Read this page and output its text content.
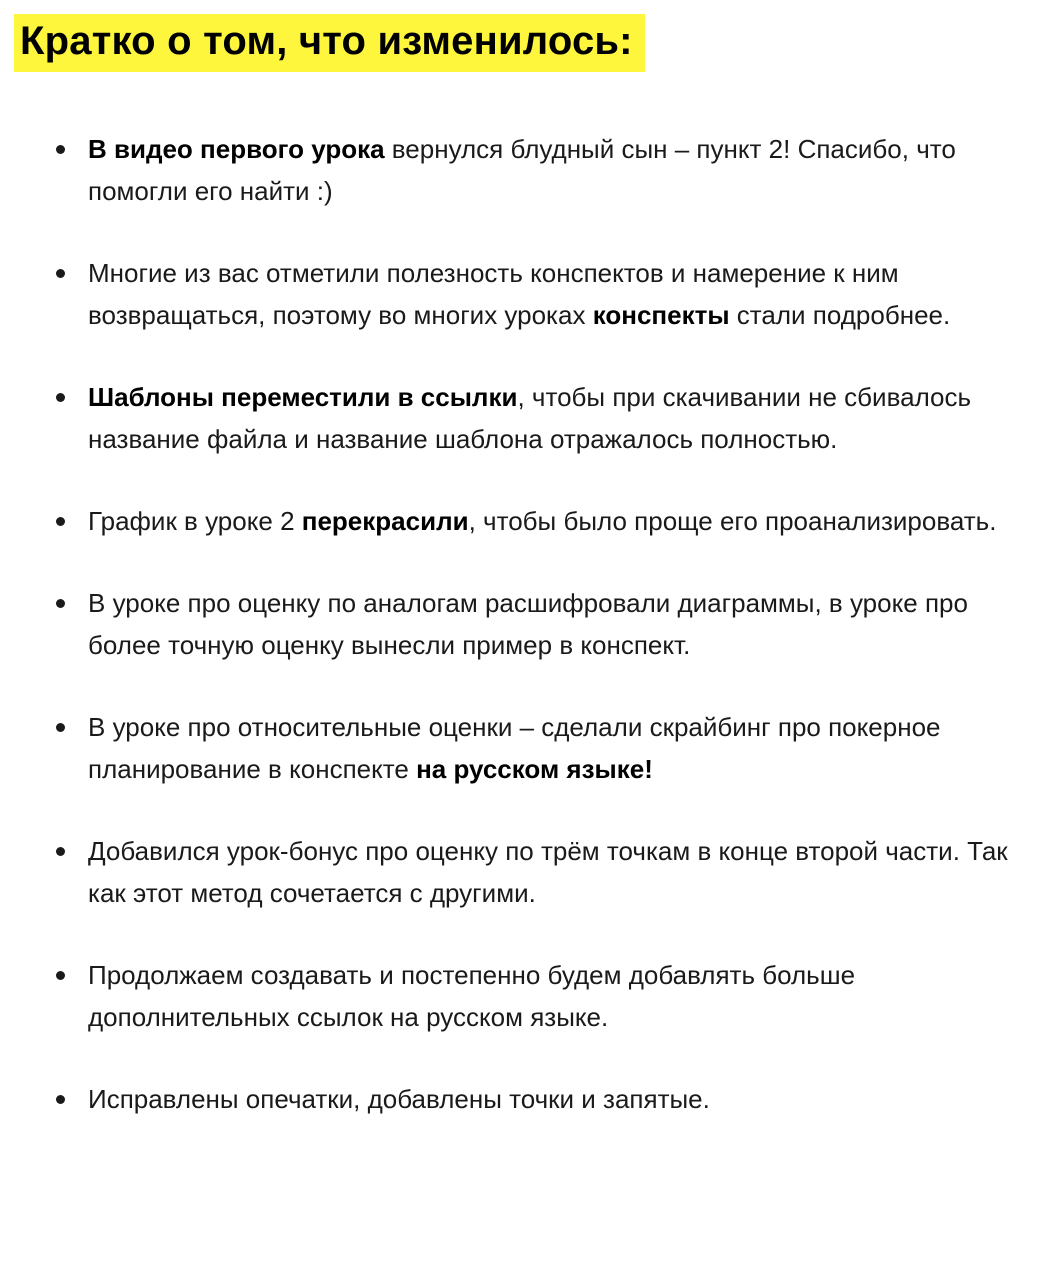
Кратко о том, что изменилось:
В видео первого урока вернулся блудный сын – пункт 2! Спасибо, что помогли его найти :)
Многие из вас отметили полезность конспектов и намерение к ним возвращаться, поэтому во многих уроках конспекты стали подробнее.
Шаблоны переместили в ссылки, чтобы при скачивании не сбивалось название файла и название шаблона отражалось полностью.
График в уроке 2 перекрасили, чтобы было проще его проанализировать.
В уроке про оценку по аналогам расшифровали диаграммы, в уроке про более точную оценку вынесли пример в конспект.
В уроке про относительные оценки – сделали скрайбинг про покерное планирование в конспекте на русском языке!
Добавился урок-бонус про оценку по трём точкам в конце второй части. Так как этот метод сочетается с другими.
Продолжаем создавать и постепенно будем добавлять больше дополнительных ссылок на русском языке.
Исправлены опечатки, добавлены точки и запятые.
